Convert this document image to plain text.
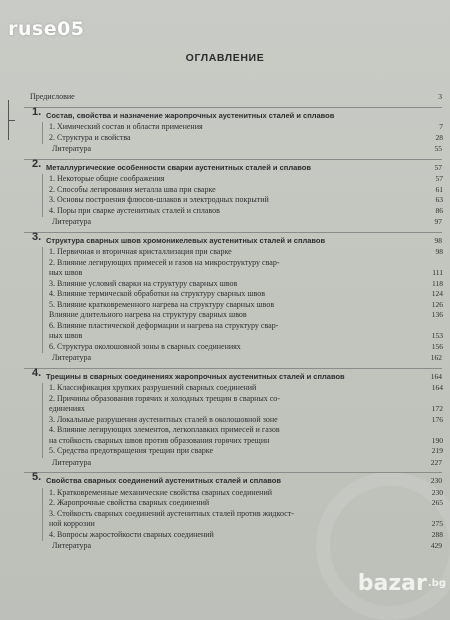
ruse05
bazar .bg
ОГЛАВЛЕНИЕ
Предисловие	3
1. Состав, свойства и назначение жаропрочных аустенитных сталей и сплавов
1. Химический состав и области применения	7
2. Структура и свойства	28
Литература	55
2. Металлургические особенности сварки аустенитных сталей и сплавов	57
1. Некоторые общие соображения	57
2. Способы легирования металла шва при сварке	61
3. Основы построения флюсов-шлаков и электродных покрытий	63
4. Поры при сварке аустенитных сталей и сплавов	86
Литература	97
3. Структура сварных швов хромоникелевых аустенитных сталей и сплавов	98
1. Первичная и вторичная кристаллизация при сварке	98
2. Влияние легирующих примесей и газов на микроструктуру свар-
ных швов	111
3. Влияние условий сварки на структуру сварных швов	118
4. Влияние термической обработки на структуру сварных швов	124
5. Влияние кратковременного нагрева на структуру сварных швов	126
Влияние длительного нагрева на структуру сварных швов	136
6. Влияние пластической деформации и нагрева на структуру свар-
ных швов	153
6. Структура околошовной зоны в сварных соединениях	156
Литература	162
4. Трещины в сварных соединениях жаропрочных аустенитных сталей и сплавов	164
1. Классификация хрупких разрушений сварных соединений	164
2. Причины образования горячих и холодных трещин в сварных со-
единениях	172
3. Локальные разрушения аустенитных сталей в околошовной зоне	176
4. Влияние легирующих элементов, легкоплавких примесей и газов
на стойкость сварных швов против образования горячих трещин	190
5. Средства предотвращения трещин при сварке	219
Литература	227
5. Свойства сварных соединений аустенитных сталей и сплавов	230
1. Кратковременные механические свойства сварных соединений	230
2. Жаропрочные свойства сварных соединений	265
3. Стойкость сварных соединений аустенитных сталей против жидкост-
ной коррозии	275
4. Вопросы жаростойкости сварных соединений	288
Литература	429
